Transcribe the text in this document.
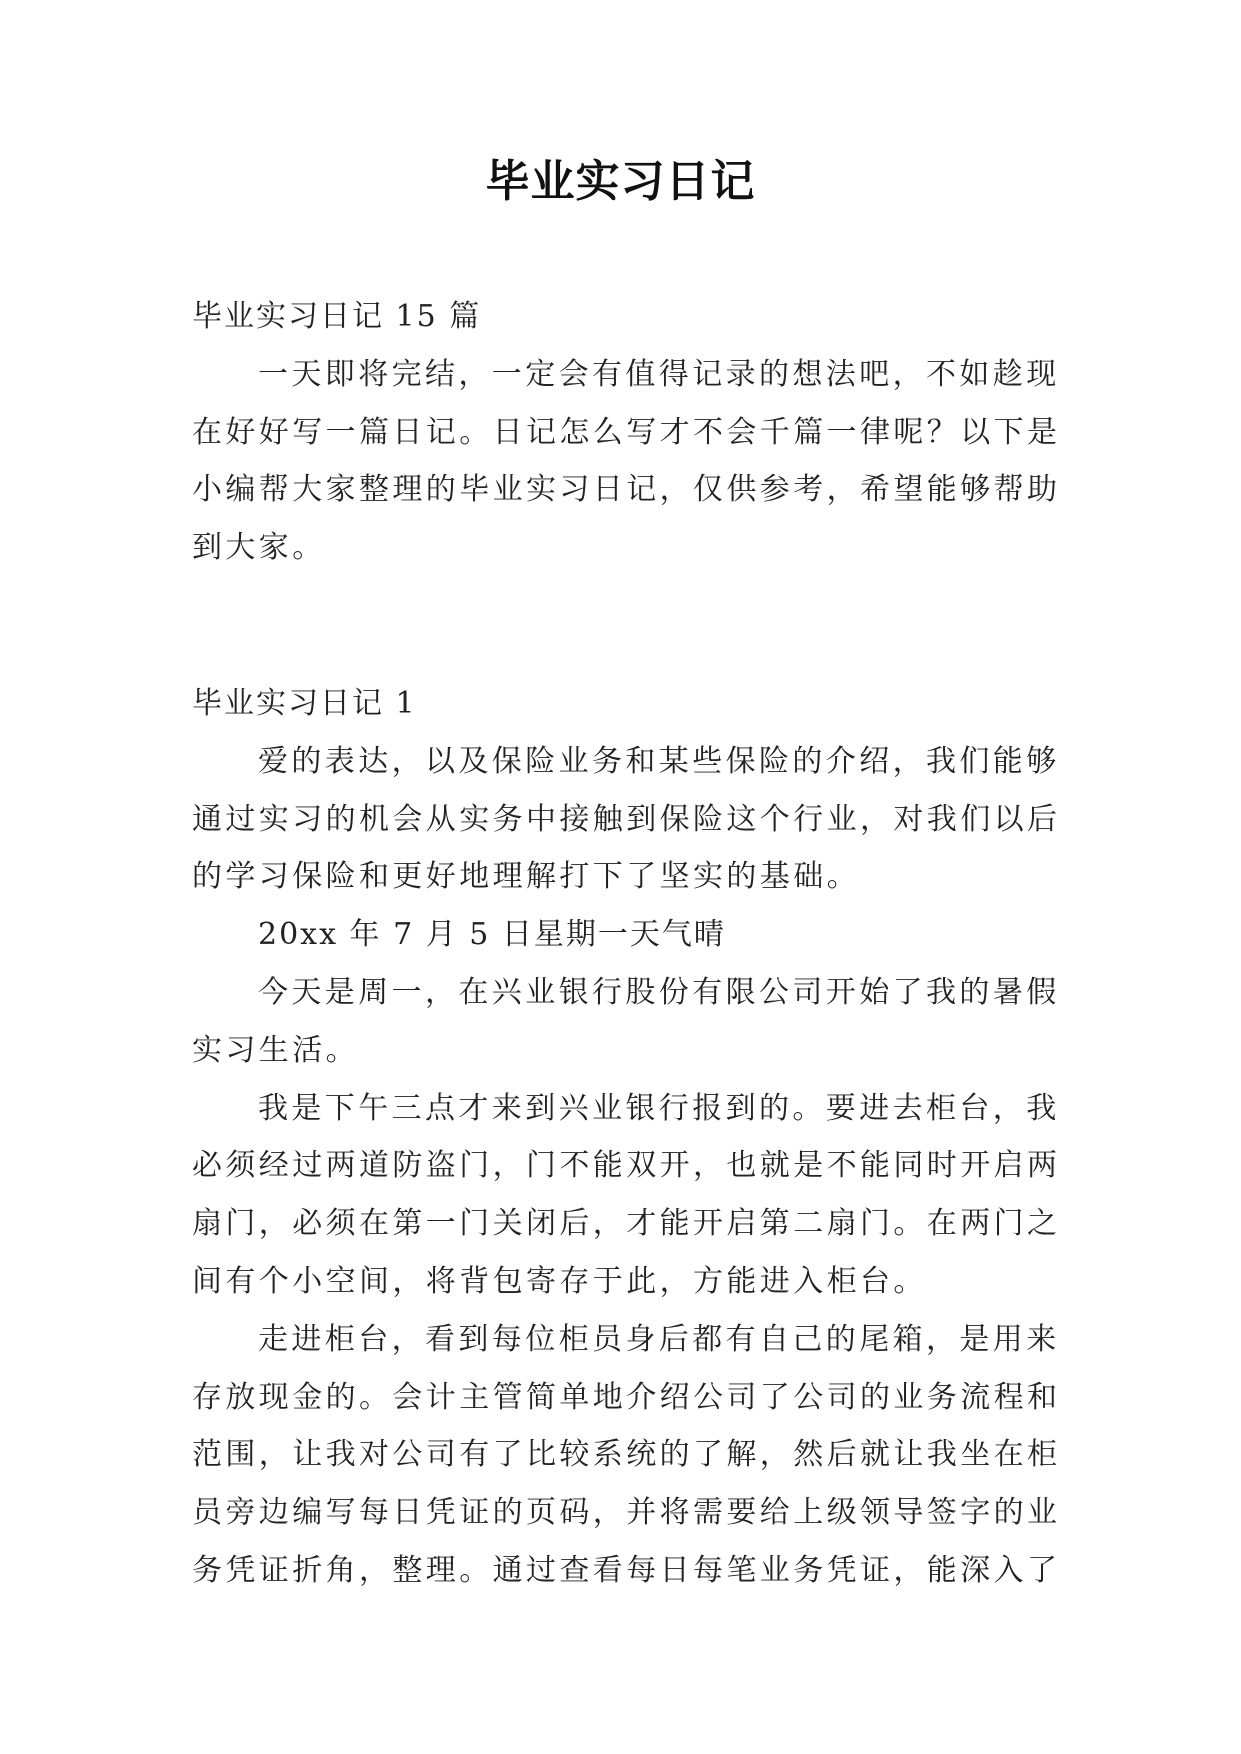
毕业实习日记

毕业实习日记 15 篇

一天即将完结，一定会有值得记录的想法吧，不如趁现

在好好写一篇日记。日记怎么写才不会千篇一律呢？以下是

小编帮大家整理的毕业实习日记，仅供参考，希望能够帮助

到大家。

毕业实习日记 1

爱的表达，以及保险业务和某些保险的介绍，我们能够

通过实习的机会从实务中接触到保险这个行业，对我们以后

的学习保险和更好地理解打下了坚实的基础。

20xx 年 7 月 5 日星期一天气晴

今天是周一，在兴业银行股份有限公司开始了我的暑假

实习生活。

我是下午三点才来到兴业银行报到的。要进去柜台，我

必须经过两道防盗门，门不能双开，也就是不能同时开启两

扇门，必须在第一门关闭后，才能开启第二扇门。在两门之

间有个小空间，将背包寄存于此，方能进入柜台。

走进柜台，看到每位柜员身后都有自己的尾箱，是用来

存放现金的。会计主管简单地介绍公司了公司的业务流程和

范围，让我对公司有了比较系统的了解，然后就让我坐在柜

员旁边编写每日凭证的页码，并将需要给上级领导签字的业

务凭证折角，整理。通过查看每日每笔业务凭证，能深入了
